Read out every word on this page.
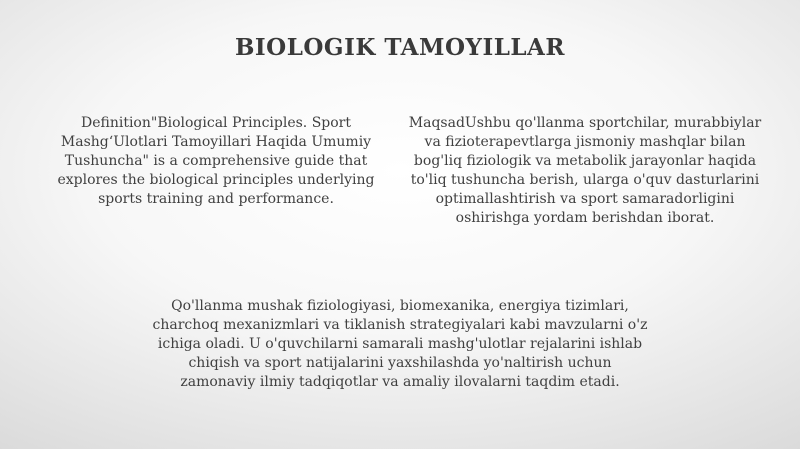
BIOLOGIK TAMOYILLAR

Definition"Biological Principles. Sport Mashg‘Ulotlari Tamoyillari Haqida Umumiy Tushuncha" is a comprehensive guide that explores the biological principles underlying sports training and performance.

MaqsadUshbu qo'llanma sportchilar, murabbiylar va fizioterapevtlarga jismoniy mashqlar bilan bog'liq fiziologik va metabolik jarayonlar haqida to'liq tushuncha berish, ularga o'quv dasturlarini optimallashtirish va sport samaradorligini oshirishga yordam berishdan iborat.

Qo'llanma mushak fiziologiyasi, biomexanika, energiya tizimlari, charchoq mexanizmlari va tiklanish strategiyalari kabi mavzularni o'z ichiga oladi. U o'quvchilarni samarali mashg'ulotlar rejalarini ishlab chiqish va sport natijalarini yaxshilashda yo'naltirish uchun zamonaviy ilmiy tadqiqotlar va amaliy ilovalarni taqdim etadi.
